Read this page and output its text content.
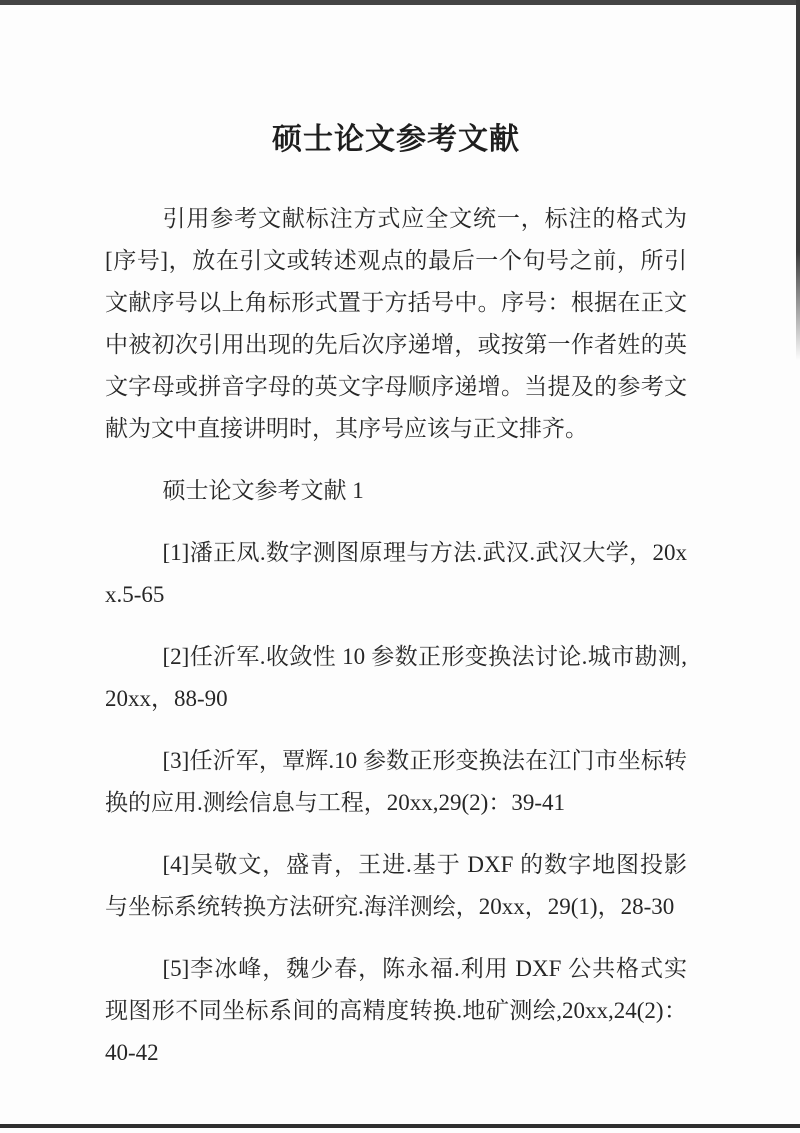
硕士论文参考文献

引用参考文献标注方式应全文统一，标注的格式为[序号]，放在引文或转述观点的最后一个句号之前，所引文献序号以上角标形式置于方括号中。序号：根据在正文中被初次引用出现的先后次序递增，或按第一作者姓的英文字母或拼音字母的英文字母顺序递增。当提及的参考文献为文中直接讲明时，其序号应该与正文排齐。

硕士论文参考文献 1

[1]潘正凤.数字测图原理与方法.武汉.武汉大学，20xx.5-65

[2]任沂军.收敛性 10 参数正形变换法讨论.城市勘测,20xx，88-90

[3]任沂军，覃辉.10 参数正形变换法在江门市坐标转换的应用.测绘信息与工程，20xx,29(2)：39-41

[4]吴敬文，盛青，王进.基于 DXF 的数字地图投影与坐标系统转换方法研究.海洋测绘，20xx，29(1)，28-30

[5]李冰峰，魏少春，陈永福.利用 DXF 公共格式实现图形不同坐标系间的高精度转换.地矿测绘,20xx,24(2)：40-42
